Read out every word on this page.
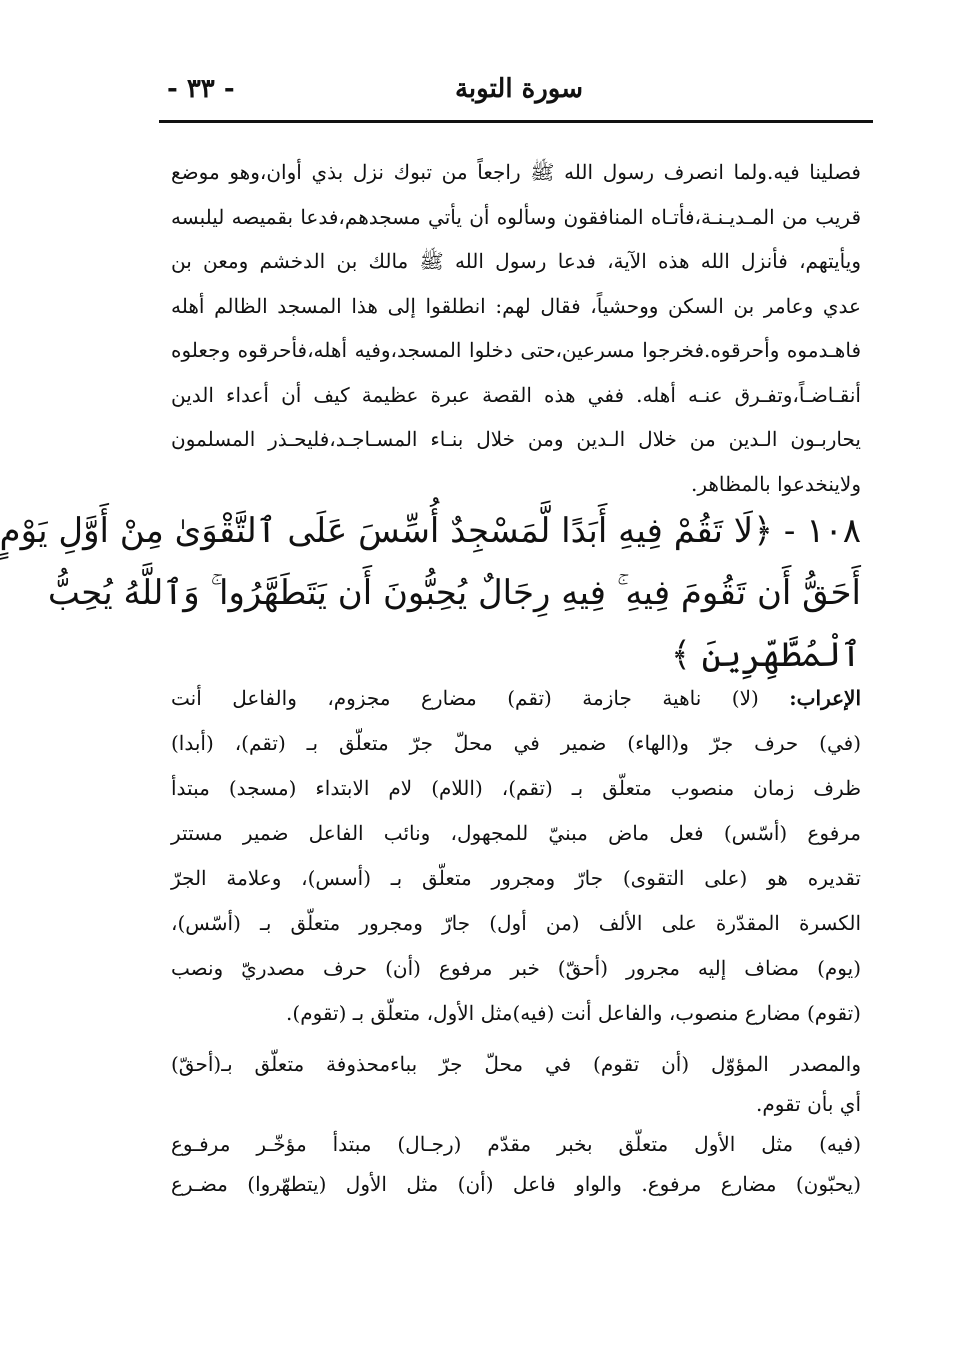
سورة التوبة
- ٣٣ -
فصلينا فيه.ولما انصرف رسول الله ﷺ راجعاً من تبوك نزل بذي أوان،وهو موضع
قريب من المـديـنـة،فأتـاه المنافقون وسألوه أن يأتي مسجدهم،فدعا بقميصه ليلبسه
ويأيتهم، فأنزل الله هذه الآية، فدعا رسول الله ﷺ مالك بن الدخشم ومعن بن
عدي وعامر بن السكن ووحشياً، فقال لهم: انطلقوا إلى هذا المسجد الظالم أهله
فاهـدموه وأحرقوه.فخرجوا مسرعين،حتى دخلوا المسجد،وفيه أهله،فأحرقوه وجعلوه
أنقـاضـاً،وتفـرق عنـه أهله. ففي هذه القصة عبرة عظيمة كيف أن أعداء الدين
يحاربـون الـدين من خلال الـدين ومن خلال بنـاء المسـاجـد،فليحـذر المسلمون
ولاينخدعوا بالمظاهر.
١٠٨ - ﴿لَا تَقُمْ فِيهِ أَبَدًا لَّمَسْجِدٌ أُسِّسَ عَلَى ٱلتَّقْوَىٰ مِنْ أَوَّلِ يَوْمٍ
أَحَقُّ أَن تَقُومَ فِيهِ ۚ فِيهِ رِجَالٌ يُحِبُّونَ أَن يَتَطَهَّرُوا ۚ وَٱللَّهُ يُحِبُّ
ٱلْمُطَّهِّرِينَ ﴾
الإعراب: (لا) ناهية جازمة (تقم) مضارع مجزوم، والفاعل أنت
(في) حرف جرّ و(الهاء) ضمير في محلّ جرّ متعلّق بـ (تقم)، (أبدا)
ظرف زمان منصوب متعلّق بـ (تقم)، (اللام) لام الابتداء (مسجد) مبتدأ
مرفوع (أسّس) فعل ماض مبنيّ للمجهول، ونائب الفاعل ضمير مستتر
تقديره هو (على التقوى) جارّ ومجرور متعلّق بـ (أسس)، وعلامة الجرّ
الكسرة المقدّرة على الألف (من أول) جارّ ومجرور متعلّق بـ (أسّس)،
(يوم) مضاف إليه مجرور (أحقّ) خبر مرفوع (أن) حرف مصدريّ ونصب
(تقوم) مضارع منصوب، والفاعل أنت (فيه)مثل الأول، متعلّق بـ (تقوم).
والمصدر المؤوّل (أن تقوم) في محلّ جرّ بباءمحذوفة متعلّق بـ(أحقّ)
أي بأن تقوم.
(فيه) مثل الأول متعلّق بخبر مقدّم (رجـال) مبتدأ مؤخّـر مرفـوع
(يحبّون) مضارع مرفوع. والواو فاعل (أن) مثل الأول (يتطهّروا) مضـرع
